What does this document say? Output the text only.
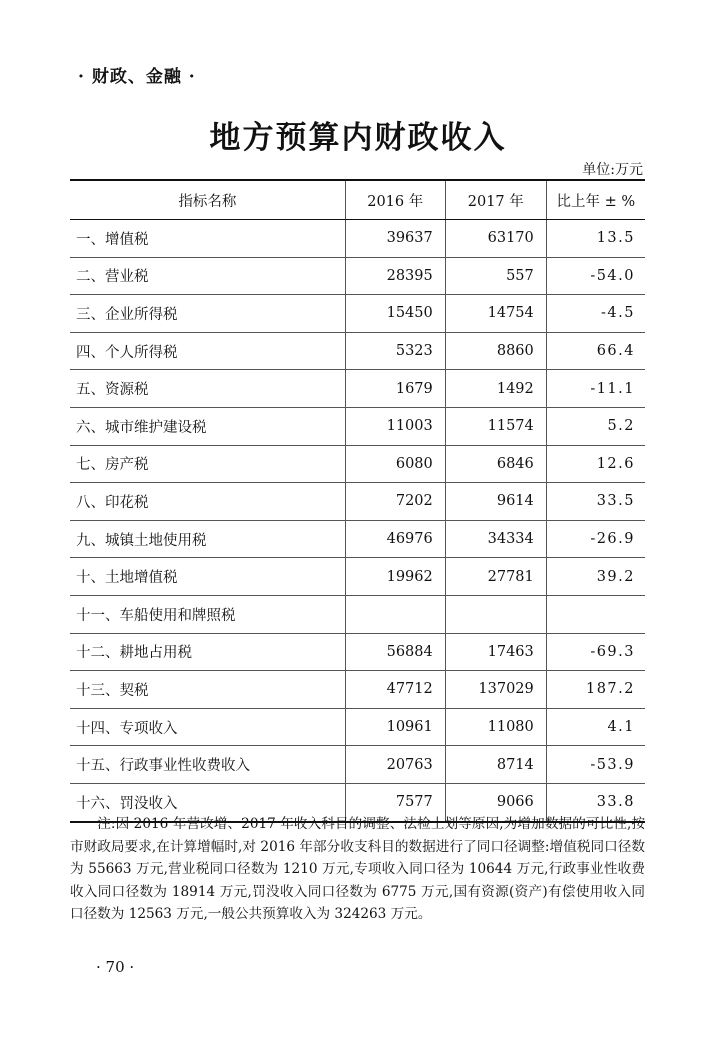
· 财政、金融 ·
地方预算内财政收入
单位:万元
指标名称	2016 年	2017 年	比上年 ± %
一、增值税	39637	63170	13.5
二、营业税	28395	557	-54.0
三、企业所得税	15450	14754	-4.5
四、个人所得税	5323	8860	66.4
五、资源税	1679	1492	-11.1
六、城市维护建设税	11003	11574	5.2
七、房产税	6080	6846	12.6
八、印花税	7202	9614	33.5
九、城镇土地使用税	46976	34334	-26.9
十、土地增值税	19962	27781	39.2
十一、车船使用和牌照税			
十二、耕地占用税	56884	17463	-69.3
十三、契税	47712	137029	187.2
十四、专项收入	10961	11080	4.1
十五、行政事业性收费收入	20763	8714	-53.9
十六、罚没收入	7577	9066	33.8
注:因 2016 年营改增、2017 年收入科目的调整、法检上划等原因,为增加数据的可比性,按市财政局要求,在计算增幅时,对 2016 年部分收支科目的数据进行了同口径调整:增值税同口径数为 55663 万元,营业税同口径数为 1210 万元,专项收入同口径为 10644 万元,行政事业性收费收入同口径数为 18914 万元,罚没收入同口径数为 6775 万元,国有资源(资产)有偿使用收入同口径数为 12563 万元,一般公共预算收入为 324263 万元。
· 70 ·
